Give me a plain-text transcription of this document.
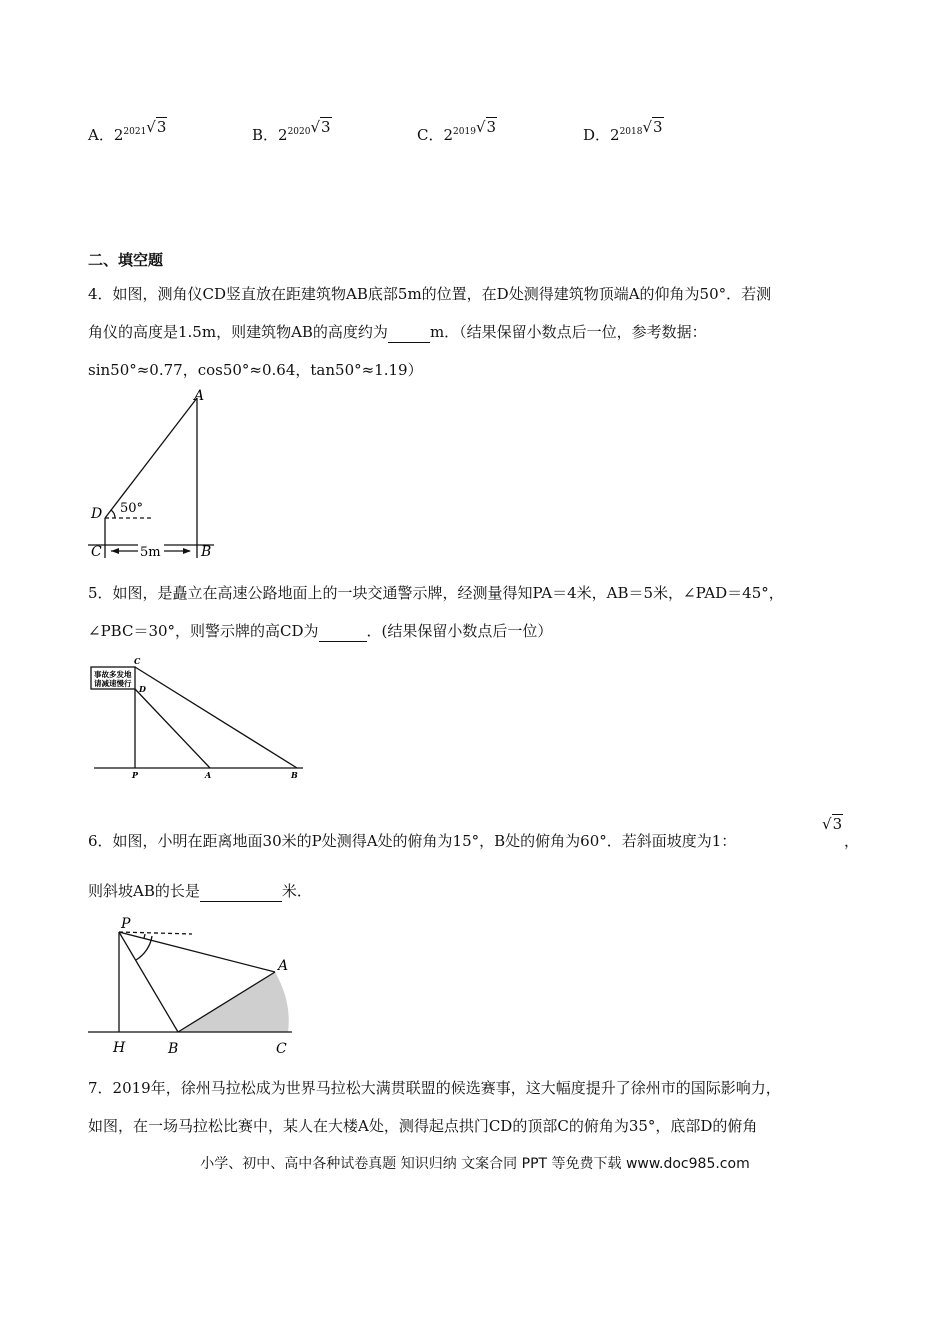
A．$2^{2021}√3$	B．$2^{2020}√3$	C．$2^{2019}√3$	D．$2^{2018}√3$
二、填空题
4．如图，测角仪CD竖直放在距建筑物AB底部5m的位置，在D处测得建筑物顶端A的仰角为50°．若测
角仪的高度是1.5m，则建筑物AB的高度约为	m．（结果保留小数点后一位，参考数据：
sin50°≈0.77，cos50°≈0.64，tan50°≈1.19）
A
D
C	B
50°
5m
5．如图，是矗立在高速公路地面上的一块交通警示牌，经测量得知PA＝4米，AB＝5米，∠PAD＝45°，
∠PBC＝30°，则警示牌的高CD为	．(结果保留小数点后一位）
事故多发地
请减速慢行
C
D
P	A	B
6．如图，小明在距离地面30米的P处测得A处的俯角为15°，B处的俯角为60°．若斜面坡度为1：
√3
，
则斜坡AB的长是	米．
P
A
H	B	C
7．2019年，徐州马拉松成为世界马拉松大满贯联盟的候选赛事，这大幅度提升了徐州市的国际影响力，
如图，在一场马拉松比赛中，某人在大楼A处，测得起点拱门CD的顶部C的俯角为35°，底部D的俯角
小学、初中、高中各种试卷真题 知识归纳 文案合同 PPT 等免费下载 www.doc985.com
